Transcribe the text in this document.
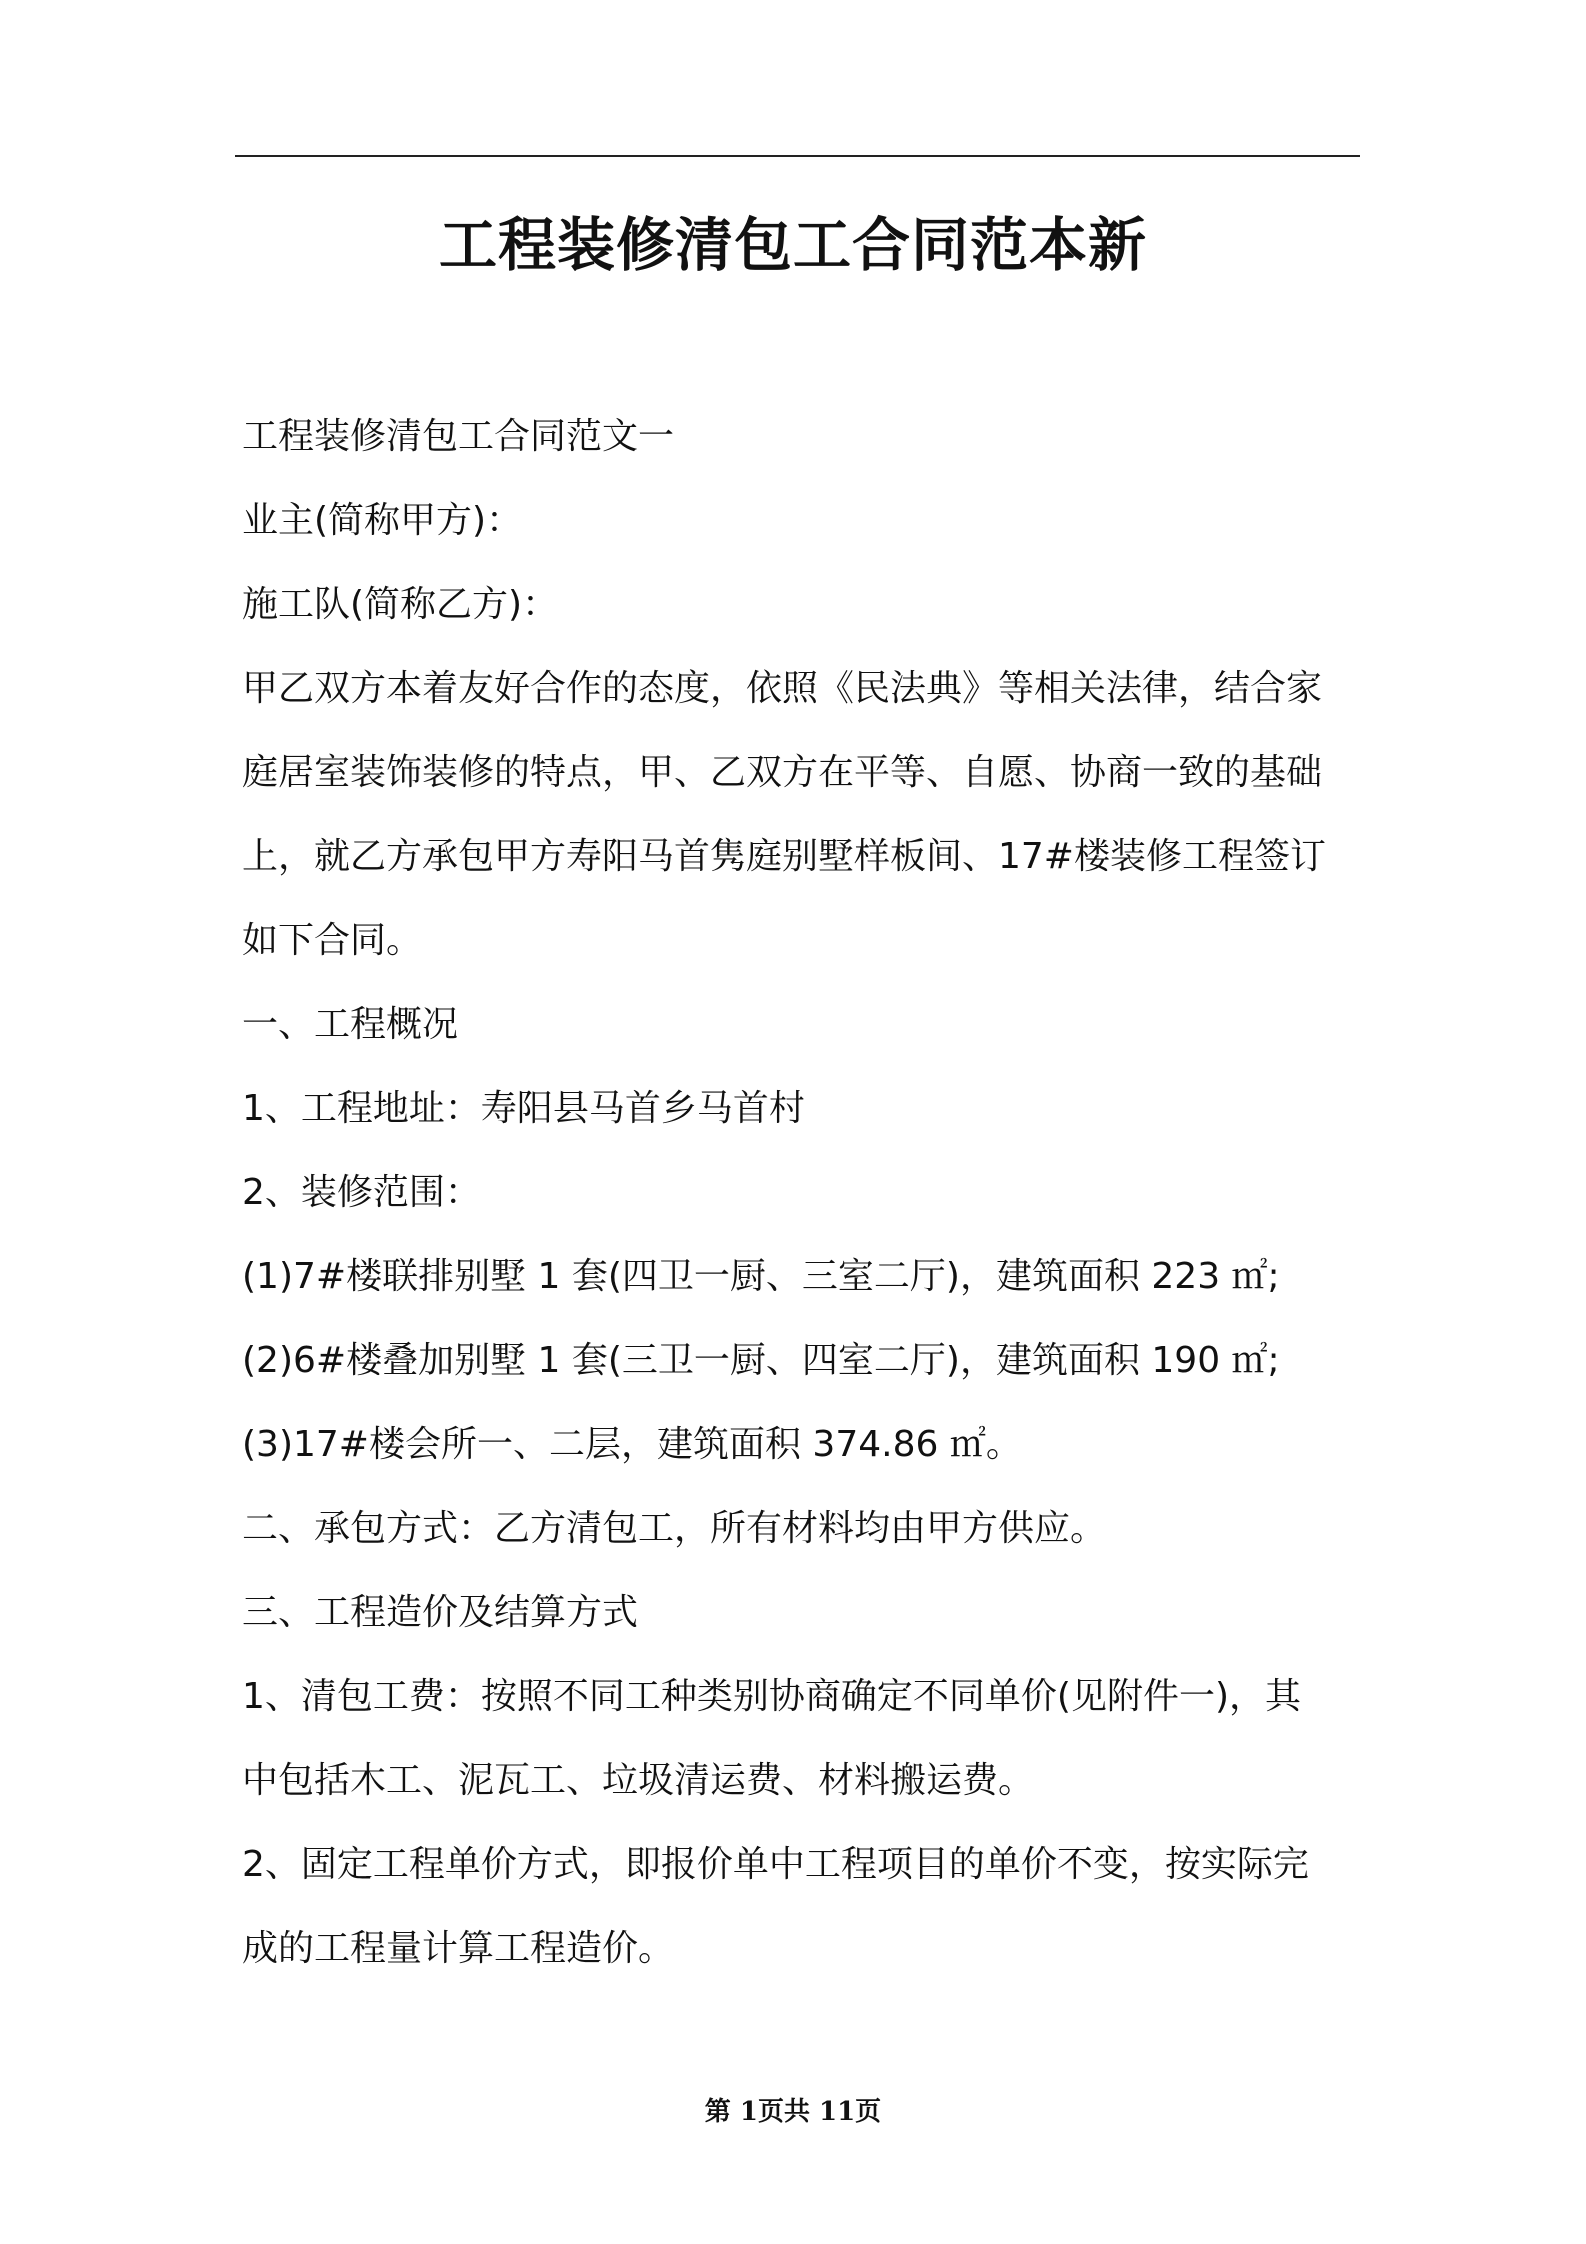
工程装修清包工合同范本新

工程装修清包工合同范文一

业主(简称甲方)：

施工队(简称乙方)：

甲乙双方本着友好合作的态度，依照《民法典》等相关法律，结合家
庭居室装饰装修的特点，甲、乙双方在平等、自愿、协商一致的基础
上，就乙方承包甲方寿阳马首隽庭别墅样板间、17#楼装修工程签订
如下合同。

一、工程概况

1、工程地址：寿阳县马首乡马首村

2、装修范围：

(1)7#楼联排别墅 1 套(四卫一厨、三室二厅)，建筑面积 223 ㎡;

(2)6#楼叠加别墅 1 套(三卫一厨、四室二厅)，建筑面积 190 ㎡;

(3)17#楼会所一、二层，建筑面积 374.86 ㎡。

二、承包方式：乙方清包工，所有材料均由甲方供应。

三、工程造价及结算方式

1、清包工费：按照不同工种类别协商确定不同单价(见附件一)，其
中包括木工、泥瓦工、垃圾清运费、材料搬运费。

2、固定工程单价方式，即报价单中工程项目的单价不变，按实际完
成的工程量计算工程造价。

第 1页共 11页
